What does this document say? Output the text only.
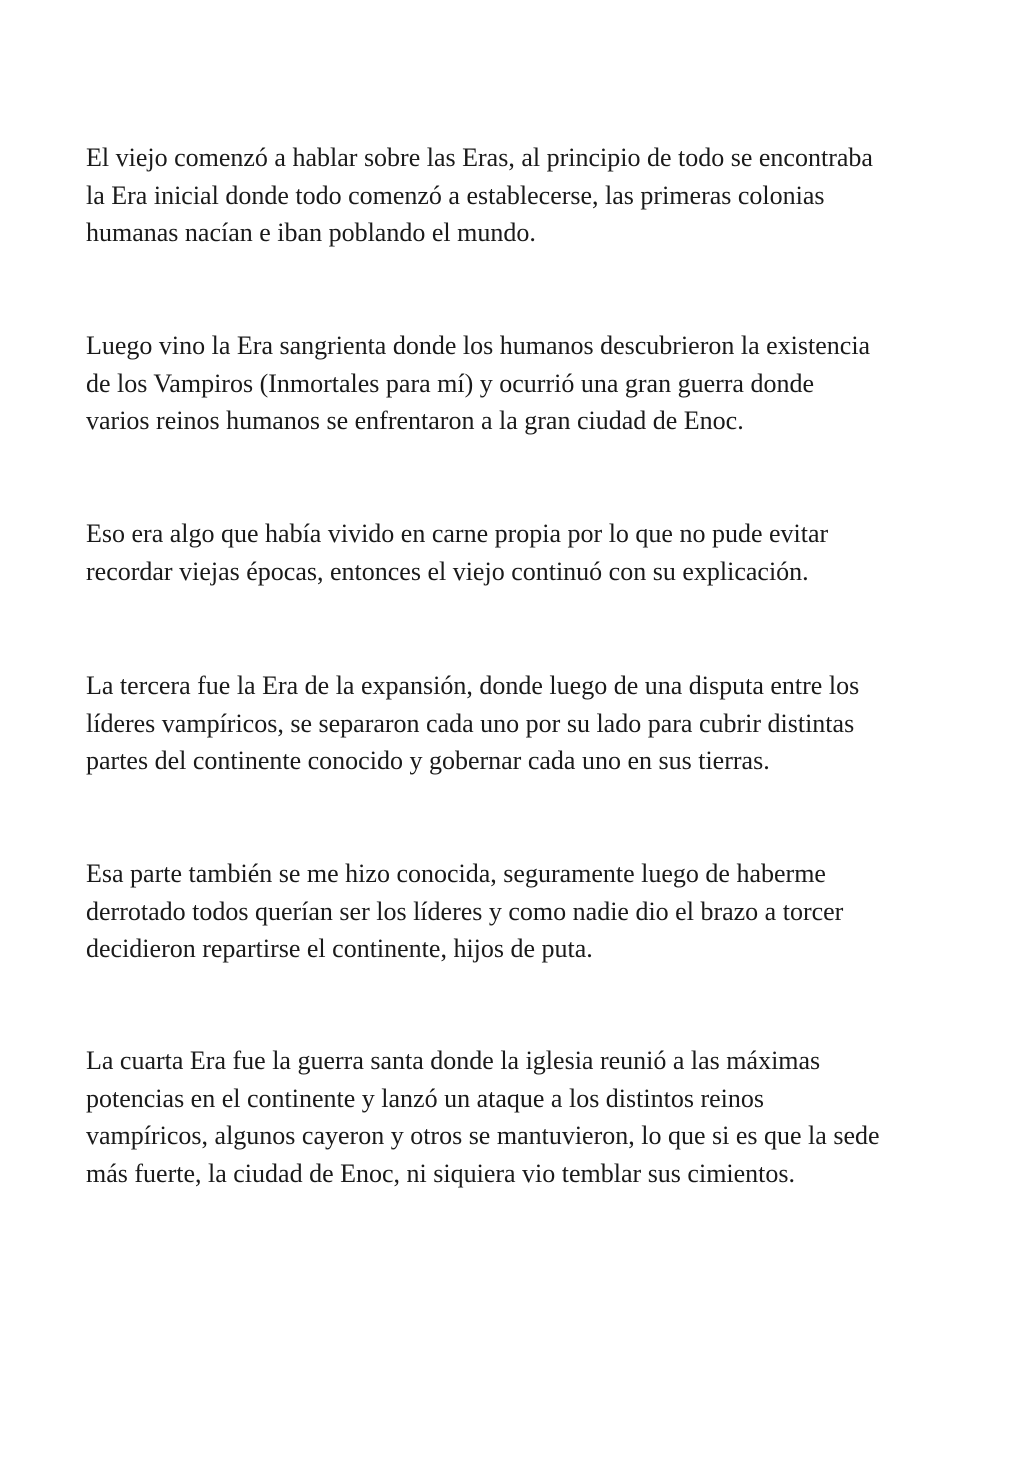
El viejo comenzó a hablar sobre las Eras, al principio de todo se encontraba
la Era inicial donde todo comenzó a establecerse, las primeras colonias
humanas nacían e iban poblando el mundo.
Luego vino la Era sangrienta donde los humanos descubrieron la existencia
de los Vampiros (Inmortales para mí) y ocurrió una gran guerra donde
varios reinos humanos se enfrentaron a la gran ciudad de Enoc.
Eso era algo que había vivido en carne propia por lo que no pude evitar
recordar viejas épocas, entonces el viejo continuó con su explicación.
La tercera fue la Era de la expansión, donde luego de una disputa entre los
líderes vampíricos, se separaron cada uno por su lado para cubrir distintas
partes del continente conocido y gobernar cada uno en sus tierras.
Esa parte también se me hizo conocida, seguramente luego de haberme
derrotado todos querían ser los líderes y como nadie dio el brazo a torcer
decidieron repartirse el continente, hijos de puta.
La cuarta Era fue la guerra santa donde la iglesia reunió a las máximas
potencias en el continente y lanzó un ataque a los distintos reinos
vampíricos, algunos cayeron y otros se mantuvieron, lo que si es que la sede
más fuerte, la ciudad de Enoc, ni siquiera vio temblar sus cimientos.
